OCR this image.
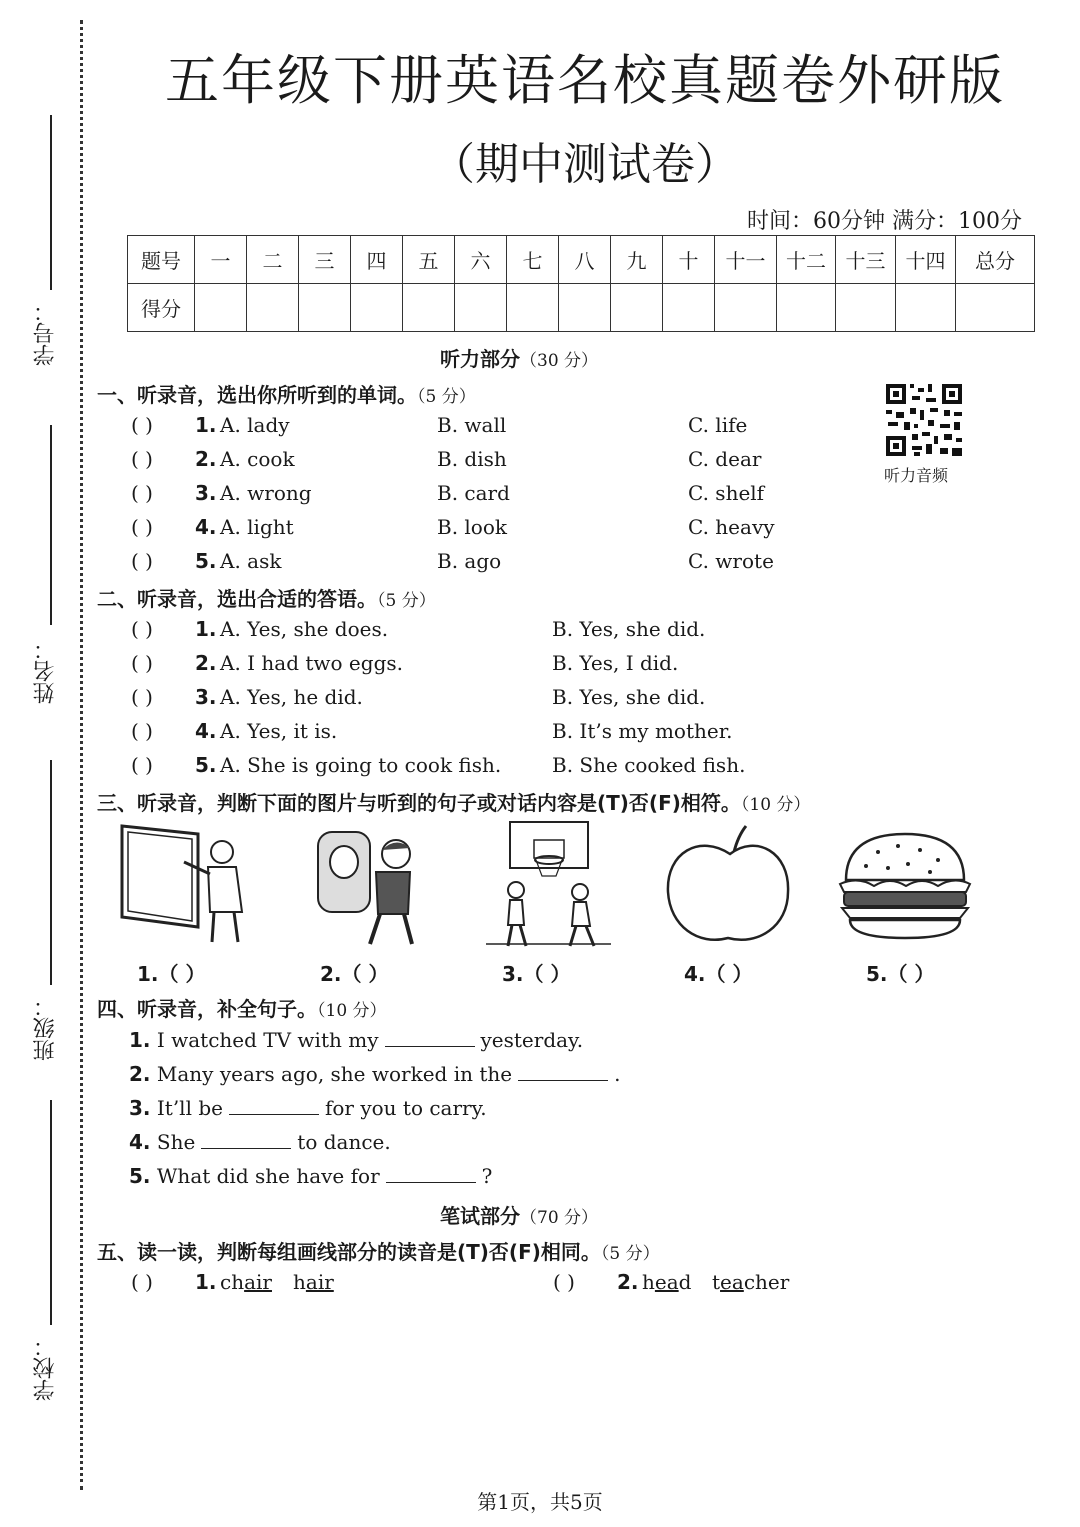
学号：
姓名：
班级：
学校：
五年级下册英语名校真题卷外研版
（期中测试卷）
时间：60分钟 满分：100分
题号	一	二	三	四	五	六	七	八	九	十	十一	十二	十三	十四	总分
得分															
听力部分（30 分）
听力音频
一、听录音，选出你所听到的单词。（5 分）
( ) 1. A. lady	B. wall	C. life
( ) 2. A. cook	B. dish	C. dear
( ) 3. A. wrong	B. card	C. shelf
( ) 4. A. light	B. look	C. heavy
( ) 5. A. ask	B. ago	C. wrote
二、听录音，选出合适的答语。（5 分）
( ) 1. A. Yes, she does.	B. Yes, she did.
( ) 2. A. I had two eggs.	B. Yes, I did.
( ) 3. A. Yes, he did.	B. Yes, she did.
( ) 4. A. Yes, it is.	B. It’s my mother.
( ) 5. A. She is going to cook fish.	B. She cooked fish.
三、听录音，判断下面的图片与听到的句子或对话内容是(T)否(F)相符。（10 分）
1.（ ）	2.（ ）	3.（ ）	4.（ ）	5.（ ）
四、听录音，补全句子。（10 分）
1. I watched TV with my	yesterday.
2. Many years ago, she worked in the	.
3. It’ll be	for you to carry.
4. She	to dance.
5. What did she have for	?
笔试部分（70 分）
五、读一读，判断每组画线部分的读音是(T)否(F)相同。（5 分）
( ) 1. chair hair	( ) 2. head teacher
第1页，共5页
